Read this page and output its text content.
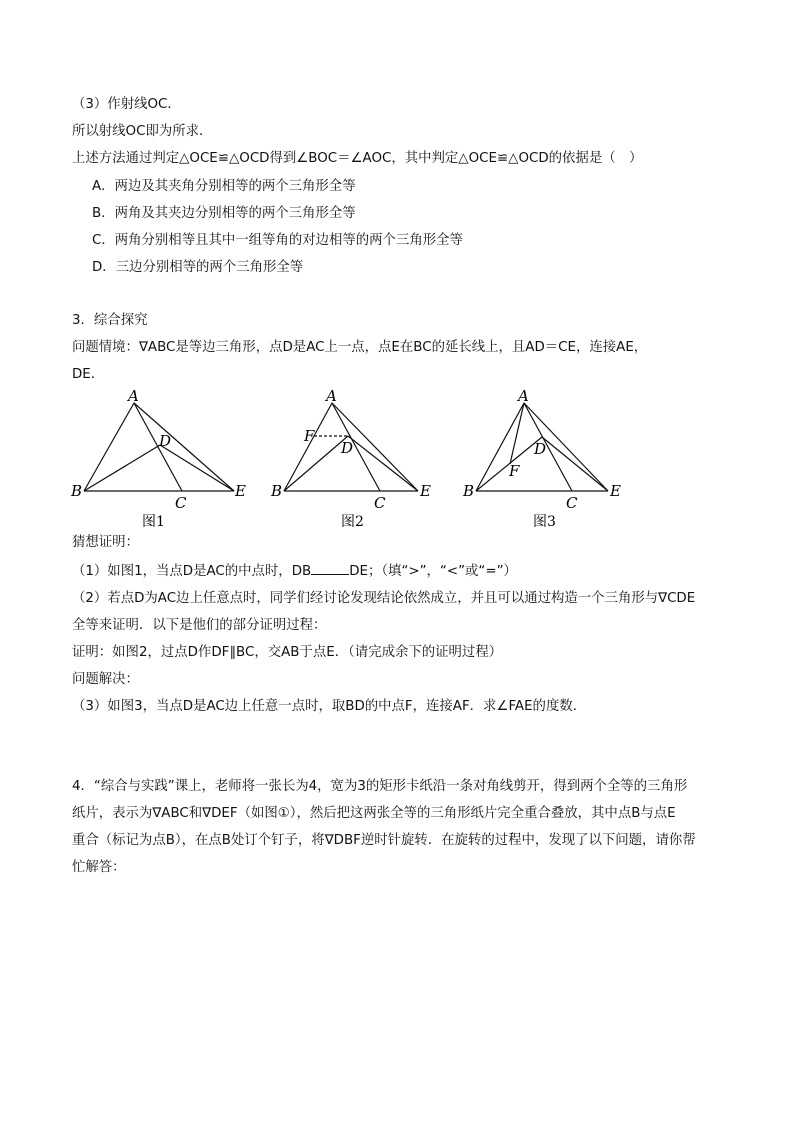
（3）作射线OC．
所以射线OC即为所求．
上述方法通过判定△OCE≌△OCD得到∠BOC＝∠AOC，其中判定△OCE≌△OCD的依据是（　）
A．两边及其夹角分别相等的两个三角形全等
B．两角及其夹边分别相等的两个三角形全等
C．两角分别相等且其中一组等角的对边相等的两个三角形全等
D．三边分别相等的两个三角形全等
3．综合探究
问题情境：∇ABC是等边三角形，点D是AC上一点，点E在BC的延长线上，且AD＝CE，连接AE，
DE．
A
B
C
D
E
图1
A
B
C
D
E
F
图2
A
B
C
D
E
F
图3
猜想证明：
（1）如图1，当点D是AC的中点时，DB	DE；（填“>”，“<”或“=”）
（2）若点D为AC边上任意点时，同学们经讨论发现结论依然成立，并且可以通过构造一个三角形与∇CDE
全等来证明．以下是他们的部分证明过程：
证明：如图2，过点D作DF∥BC，交AB于点E．（请完成余下的证明过程）
问题解决：
（3）如图3，当点D是AC边上任意一点时，取BD的中点F，连接AF．求∠FAE的度数．
4．“综合与实践”课上，老师将一张长为4，宽为3的矩形卡纸沿一条对角线剪开，得到两个全等的三角形
纸片，表示为∇ABC和∇DEF（如图①），然后把这两张全等的三角形纸片完全重合叠放，其中点B与点E
重合（标记为点B），在点B处订个钉子，将∇DBF逆时针旋转．在旋转的过程中，发现了以下问题，请你帮
忙解答：
